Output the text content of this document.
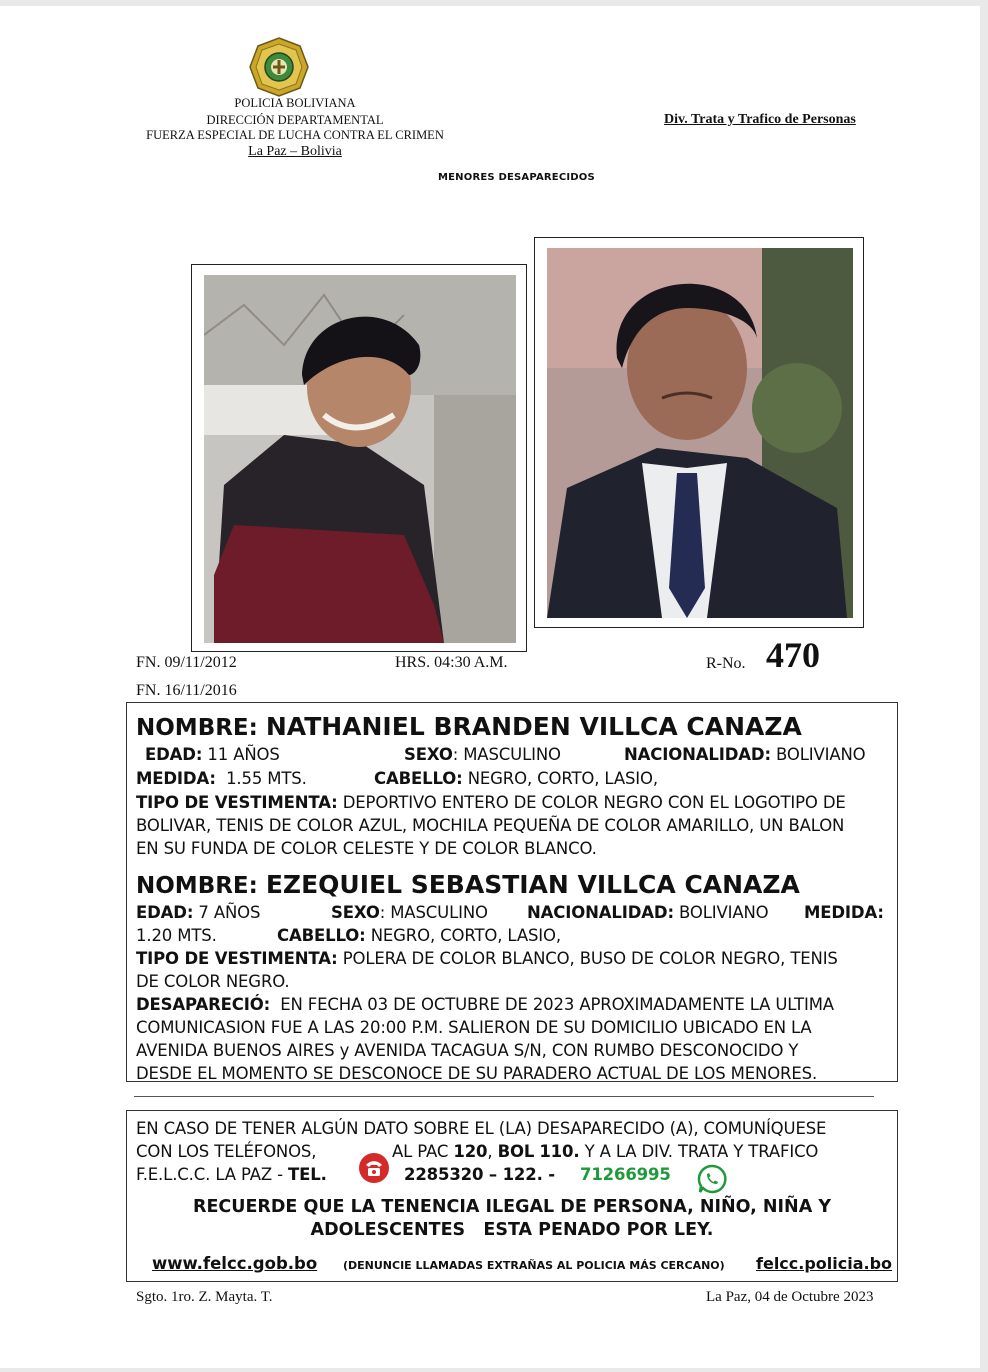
POLICIA BOLIVIANA
DIRECCIÓN DEPARTAMENTAL
FUERZA ESPECIAL DE LUCHA CONTRA EL CRIMEN
La Paz – Bolivia
Div. Trata y Trafico de Personas
MENORES DESAPARECIDOS
FN. 09/11/2012	HRS. 04:30 A.M.	R-No. 470
FN. 16/11/2016
NOMBRE: NATHANIEL BRANDEN VILLCA CANAZA
EDAD: 11 AÑOS	SEXO: MASCULINO	NACIONALIDAD: BOLIVIANO
MEDIDA: 1.55 MTS.	CABELLO: NEGRO, CORTO, LASIO,
TIPO DE VESTIMENTA: DEPORTIVO ENTERO DE COLOR NEGRO CON EL LOGOTIPO DE
BOLIVAR, TENIS DE COLOR AZUL, MOCHILA PEQUEÑA DE COLOR AMARILLO, UN BALON
EN SU FUNDA DE COLOR CELESTE Y DE COLOR BLANCO.
NOMBRE: EZEQUIEL SEBASTIAN VILLCA CANAZA
EDAD: 7 AÑOS	SEXO: MASCULINO NACIONALIDAD: BOLIVIANO MEDIDA:
1.20 MTS.	CABELLO: NEGRO, CORTO, LASIO,
TIPO DE VESTIMENTA: POLERA DE COLOR BLANCO, BUSO DE COLOR NEGRO, TENIS
DE COLOR NEGRO.
DESAPARECIÓ: EN FECHA 03 DE OCTUBRE DE 2023 APROXIMADAMENTE LA ULTIMA
COMUNICASION FUE A LAS 20:00 P.M. SALIERON DE SU DOMICILIO UBICADO EN LA
AVENIDA BUENOS AIRES y AVENIDA TACAGUA S/N, CON RUMBO DESCONOCIDO Y
DESDE EL MOMENTO SE DESCONOCE DE SU PARADERO ACTUAL DE LOS MENORES.
EN CASO DE TENER ALGÚN DATO SOBRE EL (LA) DESAPARECIDO (A), COMUNÍQUESE
CON LOS TELÉFONOS,	AL PAC 120, BOL 110. Y A LA DIV. TRATA Y TRAFICO
F.E.L.C.C. LA PAZ - TEL.	2285320 – 122. - 71266995
RECUERDE QUE LA TENENCIA ILEGAL DE PERSONA, NIÑO, NIÑA Y
ADOLESCENTES   ESTA PENADO POR LEY.
www.felcc.gob.bo (DENUNCIE LLAMADAS EXTRAÑAS AL POLICIA MÁS CERCANO) felcc.policia.bo
Sgto. 1ro. Z. Mayta. T.	La Paz, 04 de Octubre 2023
